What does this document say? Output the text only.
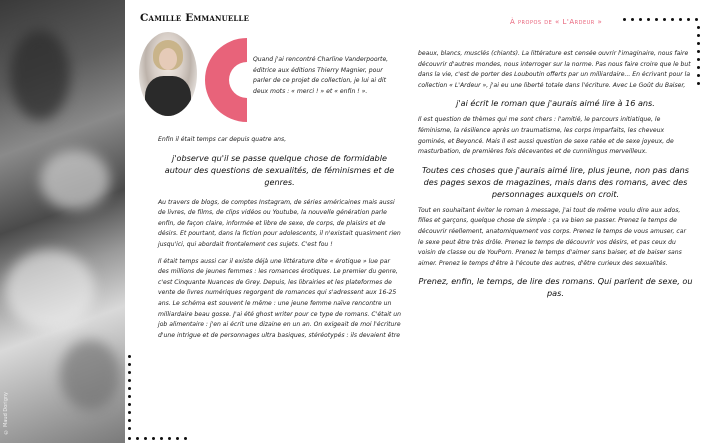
© Maud Dorigny
Camille Emmanuelle	À propos de « L'Ardeur »
Quand j'ai rencontré Charline Vanderpoorte, éditrice aux éditions Thierry Magnier, pour parler de ce projet de collection, je lui ai dit deux mots : « merci ! » et « enfin ! ».

Enfin il était temps car depuis quatre ans,

j'observe qu'il se passe quelque chose de formidable autour des questions de sexualités, de féminismes et de genres.

Au travers de blogs, de comptes Instagram, de séries américaines mais aussi de livres, de films, de clips vidéos ou Youtube, la nouvelle génération parle enfin, de façon claire, informée et libre de sexe, de corps, de plaisirs et de désirs. Et pourtant, dans la fiction pour adolescents, il n'existait quasiment rien jusqu'ici, qui abordait frontalement ces sujets. C'est fou !

Il était temps aussi car il existe déjà une littérature dite « érotique » lue par des millions de jeunes femmes : les romances érotiques. Le premier du genre, c'est Cinquante Nuances de Grey. Depuis, les librairies et les plateformes de vente de livres numériques regorgent de romances qui s'adressent aux 16-25 ans. Le schéma est souvent le même : une jeune femme naïve rencontre un milliardaire beau gosse. J'ai été ghost writer pour ce type de romans. C'était un job alimentaire : j'en ai écrit une dizaine en un an. On exigeait de moi l'écriture d'une intrigue et de personnages ultra basiques, stéréotypés : ils devaient être

beaux, blancs, musclés (chiants). La littérature est censée ouvrir l'imaginaire, nous faire découvrir d'autres mondes, nous interroger sur la norme. Pas nous faire croire que le but dans la vie, c'est de porter des Louboutin offerts par un milliardaire... En écrivant pour la collection « L'Ardeur », j'ai eu une liberté totale dans l'écriture. Avec Le Goût du Baiser,

j'ai écrit le roman que j'aurais aimé lire à 16 ans.

Il est question de thèmes qui me sont chers : l'amitié, le parcours initiatique, le féminisme, la résilience après un traumatisme, les corps imparfaits, les cheveux gominés, et Beyoncé. Mais il est aussi question de sexe ratée et de sexe joyeux, de masturbation, de premières fois décevantes et de cunnilingus merveilleux.

Toutes ces choses que j'aurais aimé lire, plus jeune, non pas dans des pages sexos de magazines, mais dans des romans, avec des personnages auxquels on croit.

Tout en souhaitant éviter le roman à message, j'ai tout de même voulu dire aux ados, filles et garçons, quelque chose de simple : ça va bien se passer. Prenez le temps de découvrir réellement, anatomiquement vos corps. Prenez le temps de vous amuser, car le sexe peut être très drôle. Prenez le temps de découvrir vos désirs, et pas ceux du voisin de classe ou de YouPorn. Prenez le temps d'aimer sans baiser, et de baiser sans aimer. Prenez le temps d'être à l'écoute des autres, d'être curieux des sexualités.

Prenez, enfin, le temps, de lire des romans. Qui parlent de sexe, ou pas.
